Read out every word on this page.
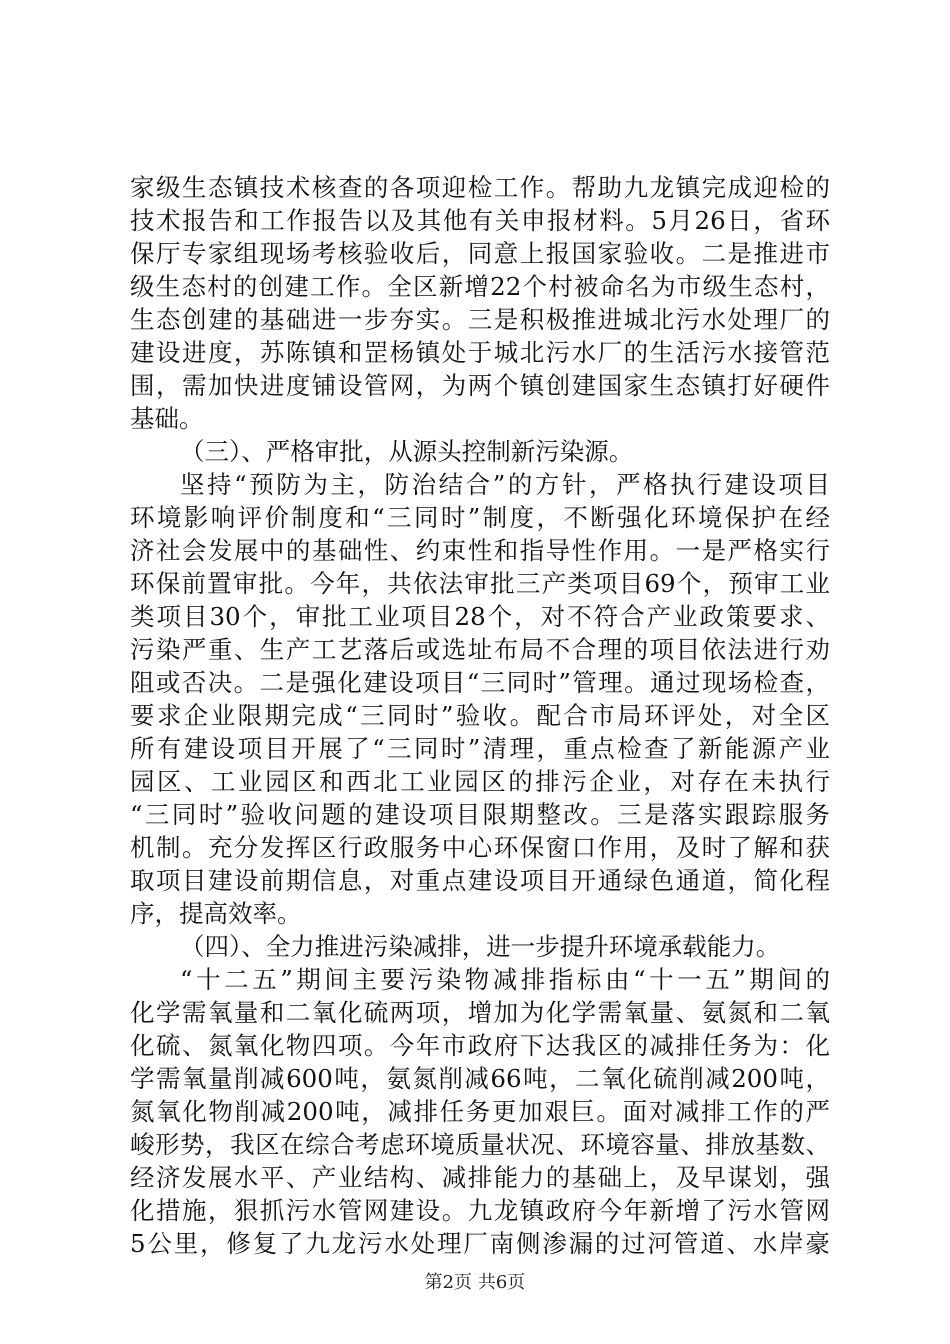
家级生态镇技术核查的各项迎检工作。帮助九龙镇完成迎检的
技术报告和工作报告以及其他有关申报材料。5月26日，省环
保厅专家组现场考核验收后，同意上报国家验收。二是推进市
级生态村的创建工作。全区新增22个村被命名为市级生态村，
生态创建的基础进一步夯实。三是积极推进城北污水处理厂的
建设进度，苏陈镇和罡杨镇处于城北污水厂的生活污水接管范
围，需加快进度铺设管网，为两个镇创建国家生态镇打好硬件
基础。
（三）、严格审批，从源头控制新污染源。
坚持“预防为主，防治结合”的方针，严格执行建设项目
环境影响评价制度和“三同时”制度，不断强化环境保护在经
济社会发展中的基础性、约束性和指导性作用。一是严格实行
环保前置审批。今年，共依法审批三产类项目69个，预审工业
类项目30个，审批工业项目28个，对不符合产业政策要求、
污染严重、生产工艺落后或选址布局不合理的项目依法进行劝
阻或否决。二是强化建设项目“三同时”管理。通过现场检查，
要求企业限期完成“三同时”验收。配合市局环评处，对全区
所有建设项目开展了“三同时”清理，重点检查了新能源产业
园区、工业园区和西北工业园区的排污企业，对存在未执行
“三同时”验收问题的建设项目限期整改。三是落实跟踪服务
机制。充分发挥区行政服务中心环保窗口作用，及时了解和获
取项目建设前期信息，对重点建设项目开通绿色通道，简化程
序，提高效率。
（四）、全力推进污染减排，进一步提升环境承载能力。
“十二五”期间主要污染物减排指标由“十一五”期间的
化学需氧量和二氧化硫两项，增加为化学需氧量、氨氮和二氧
化硫、氮氧化物四项。今年市政府下达我区的减排任务为：化
学需氧量削减600吨，氨氮削减66吨，二氧化硫削减200吨，
氮氧化物削减200吨，减排任务更加艰巨。面对减排工作的严
峻形势，我区在综合考虑环境质量状况、环境容量、排放基数、
经济发展水平、产业结构、减排能力的基础上，及早谋划，强
化措施，狠抓污水管网建设。九龙镇政府今年新增了污水管网
5公里，修复了九龙污水处理厂南侧渗漏的过河管道、水岸豪
第2页 共6页
